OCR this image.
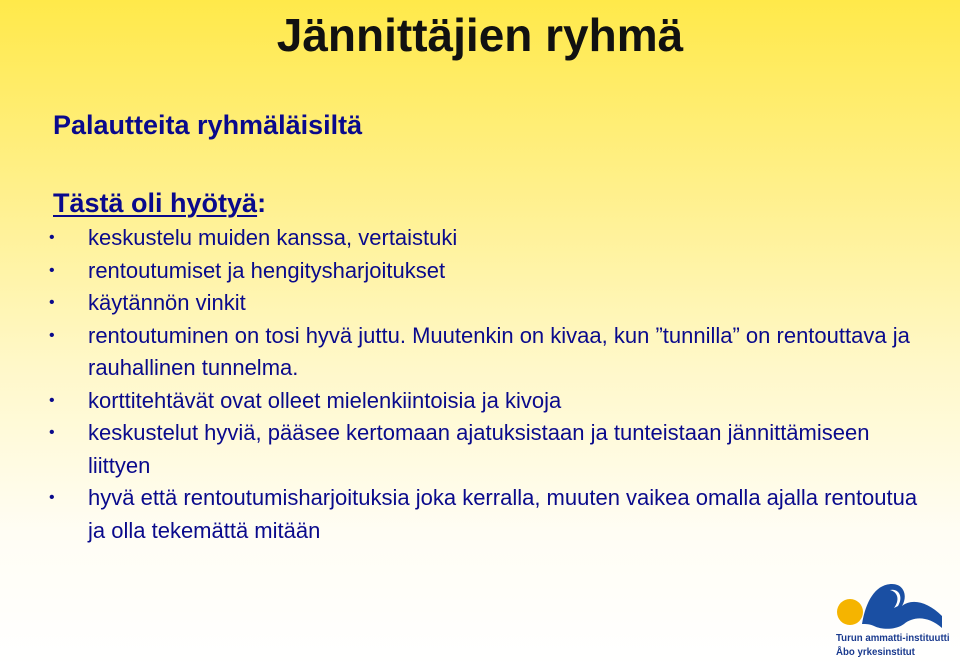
Jännittäjien ryhmä
Palautteita ryhmäläisiltä
Tästä oli hyötyä:
• keskustelu muiden kanssa, vertaistuki
• rentoutumiset ja hengitysharjoitukset
• käytännön vinkit
• rentoutuminen on tosi hyvä juttu. Muutenkin on kivaa, kun ”tunnilla” on rentouttava ja rauhallinen tunnelma.
• korttitehtävät ovat olleet mielenkiintoisia ja kivoja
• keskustelut hyviä, pääsee kertomaan ajatuksistaan ja tunteistaan jännittämiseen liittyen
• hyvä että rentoutumisharjoituksia joka kerralla, muuten vaikea omalla ajalla rentoutua ja olla tekemättä mitään
Turun ammatti-instituutti
Åbo yrkesinstitut
